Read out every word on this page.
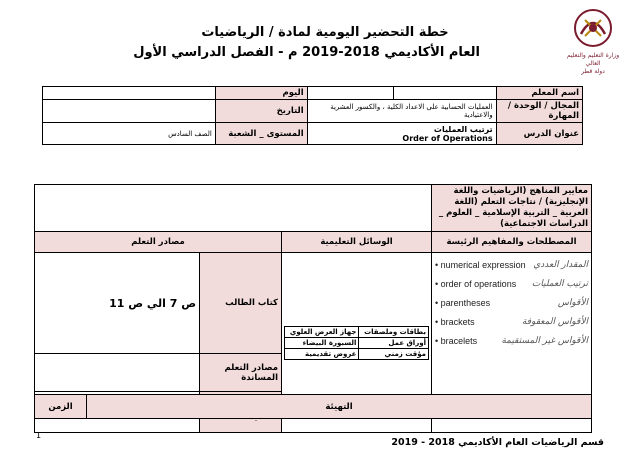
وزارة التعليم والتعليم العالي
دولة قطر
خطة التحضير اليومية لمادة / الرياضيات
العام الأكاديمي 2018-2019 م - الفصل الدراسي الأول
اسم المعلم			اليوم	
المجال / الوحدة / المهارة	العمليات الحسابية على الاعداد الكلية ، والكسور العشرية والاعتيادية		التاريخ	
عنوان الدرس	ترتيب العمليات
Order of Operations		المستوى _ الشعبة	الصف السادس
معايير المناهج (الرياضيات واللغة الإنجليزية) / نتاجات التعلم (اللغة العربية _ التربية الإسلامية _ العلوم _ الدراسات الاجتماعية)	
المصطلحات والمفاهيم الرئيسة	الوسائل التعليمية	مصادر التعلم

المقدار العددي
• numerical expression
ترتيب العمليات
• order of operations
الأقواس
• parentheses
الأقواس المعقوفة
• brackets
الأقواس غير المستقيمة
• bracelets

بطاقات وملصقات	جهاز العرض العلوي
أوراق عمل	السبورة البيضاء
مؤقت زمني	عروض تقديمية
	كتاب الطالب	ص 7 الي ص 11
مصادر التعلم المساندة	

التهيئة	الزمن
1
قسم الرياضيات العام الأكاديمي 2018 - 2019
